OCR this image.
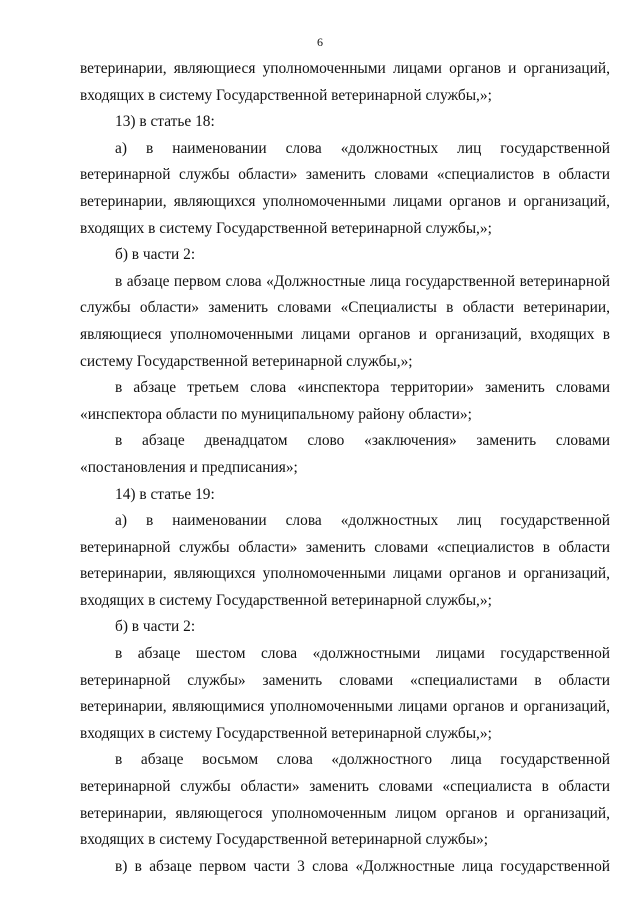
6

ветеринарии, являющиеся уполномоченными лицами органов и организаций, входящих в систему Государственной ветеринарной службы,»;

13) в статье 18:

а) в наименовании слова «должностных лиц государственной ветеринарной службы области» заменить словами «специалистов в области ветеринарии, являющихся уполномоченными лицами органов и организаций, входящих в систему Государственной ветеринарной службы,»;

б) в части 2:

в абзаце первом слова «Должностные лица государственной ветеринарной службы области» заменить словами «Специалисты в области ветеринарии, являющиеся уполномоченными лицами органов и организаций, входящих в систему Государственной ветеринарной службы,»;

в абзаце третьем слова «инспектора территории» заменить словами «инспектора области по муниципальному району области»;

в абзаце двенадцатом слово «заключения» заменить словами «постановления и предписания»;

14) в статье 19:

а) в наименовании слова «должностных лиц государственной ветеринарной службы области» заменить словами «специалистов в области ветеринарии, являющихся уполномоченными лицами органов и организаций, входящих в систему Государственной ветеринарной службы,»;

б) в части 2:

в абзаце шестом слова «должностными лицами государственной ветеринарной службы» заменить словами «специалистами в области ветеринарии, являющимися уполномоченными лицами органов и организаций, входящих в систему Государственной ветеринарной службы,»;

в абзаце восьмом слова «должностного лица государственной ветеринарной службы области» заменить словами «специалиста в области ветеринарии, являющегося уполномоченным лицом органов и организаций, входящих в систему Государственной ветеринарной службы»;

в) в абзаце первом части 3 слова «Должностные лица государственной
